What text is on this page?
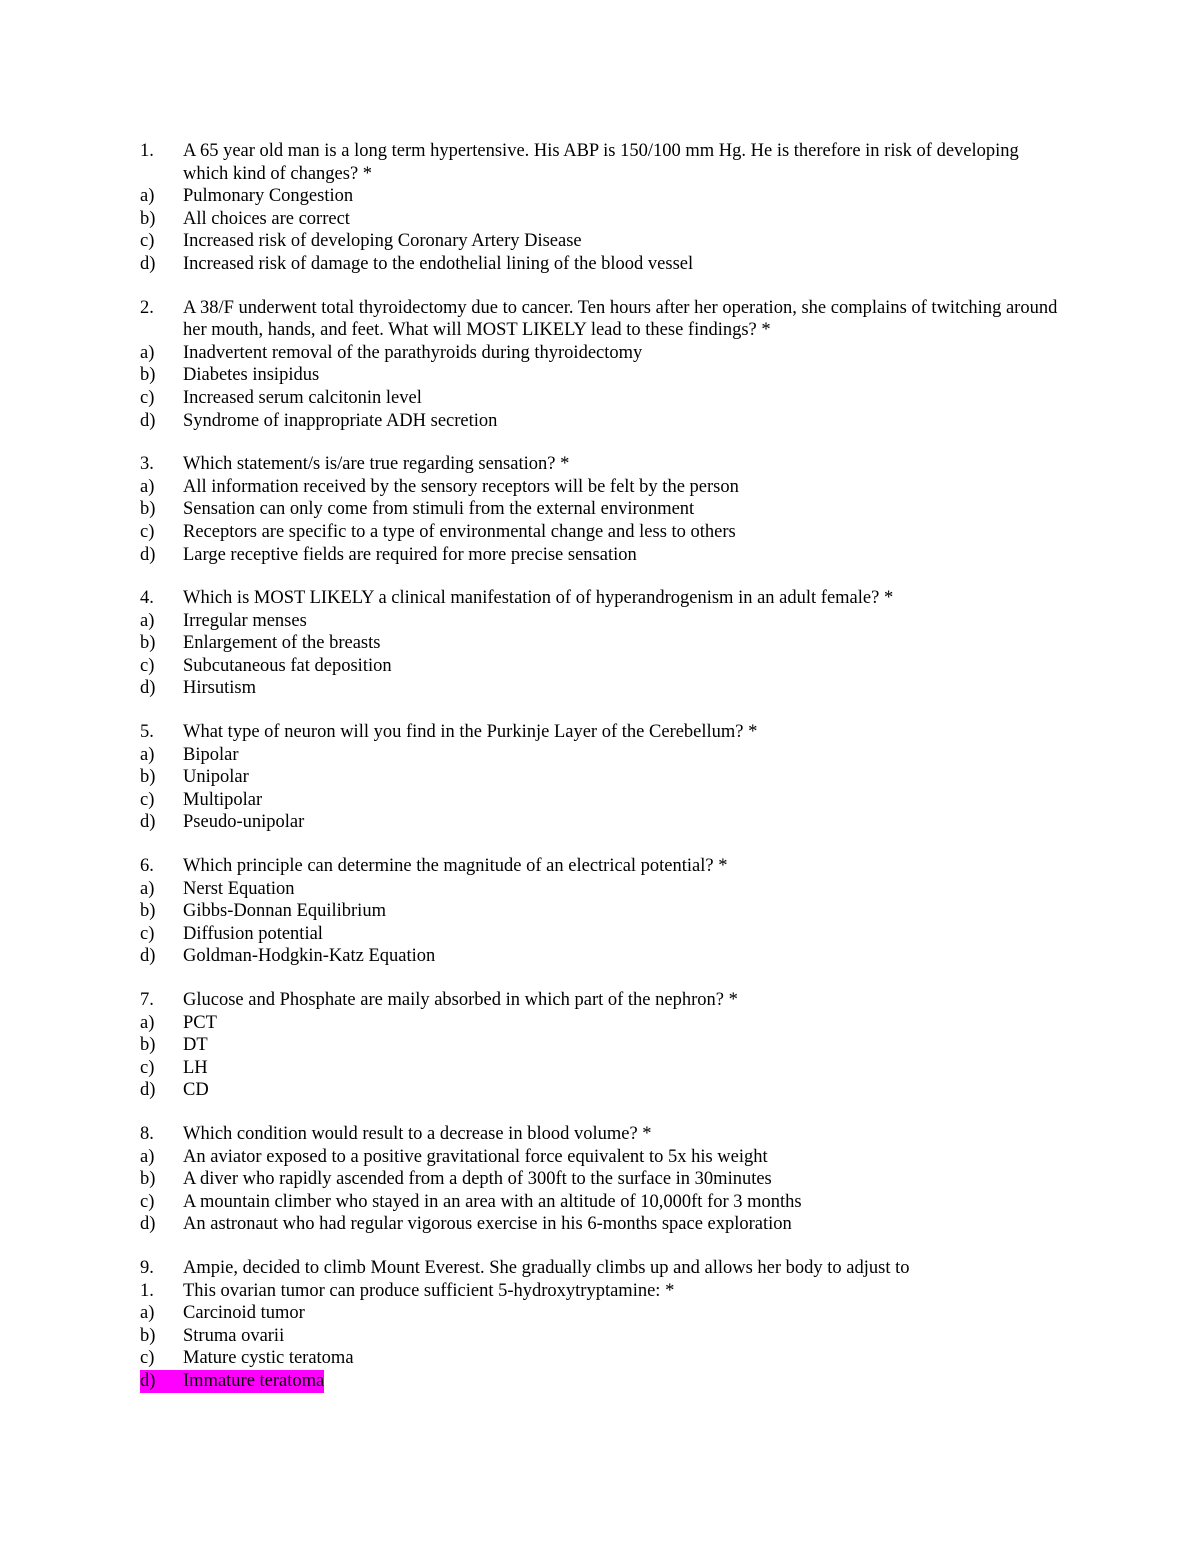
1.	A 65 year old man is a long term hypertensive. His ABP is 150/100 mm Hg. He is therefore in risk of developing which kind of changes? *
a)	Pulmonary Congestion
b)	All choices are correct
c)	Increased risk of developing Coronary Artery Disease
d)	Increased risk of damage to the endothelial lining of the blood vessel
2.	A 38/F underwent total thyroidectomy due to cancer. Ten hours after her operation, she complains of twitching around her mouth, hands, and feet. What will MOST LIKELY lead to these findings? *
a)	Inadvertent removal of the parathyroids during thyroidectomy
b)	Diabetes insipidus
c)	Increased serum calcitonin level
d)	Syndrome of inappropriate ADH secretion
3.	Which statement/s is/are true regarding sensation? *
a)	All information received by the sensory receptors will be felt by the person
b)	Sensation can only come from stimuli from the external environment
c)	Receptors are specific to a type of environmental change and less to others
d)	Large receptive fields are required for more precise sensation
4.	Which is MOST LIKELY a clinical manifestation of of hyperandrogenism in an adult female? *
a)	Irregular menses
b)	Enlargement of the breasts
c)	Subcutaneous fat deposition
d)	Hirsutism
5.	What type of neuron will you find in the Purkinje Layer of the Cerebellum? *
a)	Bipolar
b)	Unipolar
c)	Multipolar
d)	Pseudo-unipolar
6.	Which principle can determine the magnitude of an electrical potential? *
a)	Nerst Equation
b)	Gibbs-Donnan Equilibrium
c)	Diffusion potential
d)	Goldman-Hodgkin-Katz Equation
7.	Glucose and Phosphate are maily absorbed in which part of the nephron? *
a)	PCT
b)	DT
c)	LH
d)	CD
8.	Which condition would result to a decrease in blood volume? *
a)	An aviator exposed to a positive gravitational force equivalent to 5x his weight
b)	A diver who rapidly ascended from a depth of 300ft to the surface in 30minutes
c)	A mountain climber who stayed in an area with an altitude of 10,000ft for 3 months
d)	An astronaut who had regular vigorous exercise in his 6-months space exploration
9.	Ampie, decided to climb Mount Everest. She gradually climbs up and allows her body to adjust to
1.	This ovarian tumor can produce sufficient 5-hydroxytryptamine: *
a)	Carcinoid tumor
b)	Struma ovarii
c)	Mature cystic teratoma
d)	Immature teratoma
